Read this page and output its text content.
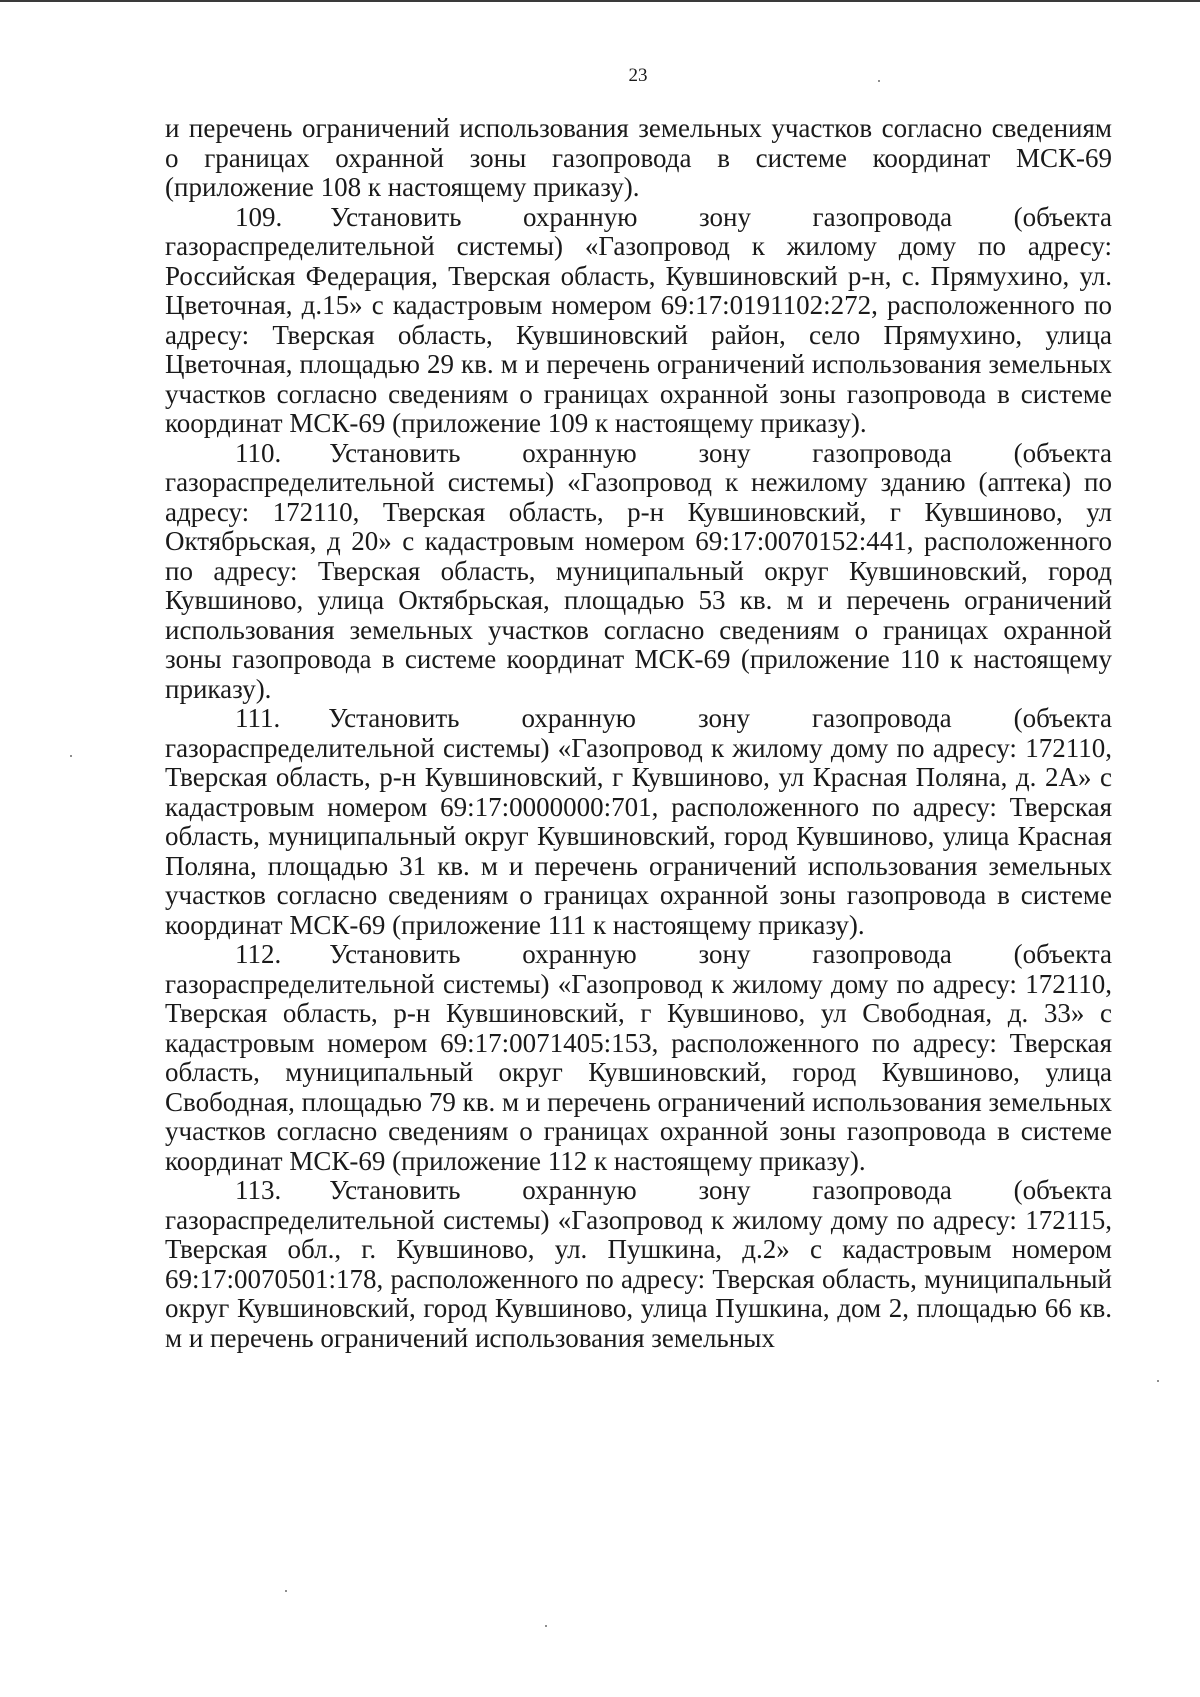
23

и перечень ограничений использования земельных участков согласно сведениям о границах охранной зоны газопровода в системе координат МСК-69 (приложение 108 к настоящему приказу).

109. Установить охранную зону газопровода (объекта газораспределительной системы) «Газопровод к жилому дому по адресу: Российская Федерация, Тверская область, Кувшиновский р-н, с. Прямухино, ул. Цветочная, д.15» с кадастровым номером 69:17:0191102:272, расположенного по адресу: Тверская область, Кувшиновский район, село Прямухино, улица Цветочная, площадью 29 кв. м и перечень ограничений использования земельных участков согласно сведениям о границах охранной зоны газопровода в системе координат МСК-69 (приложение 109 к настоящему приказу).

110. Установить охранную зону газопровода (объекта газораспределительной системы) «Газопровод к нежилому зданию (аптека) по адресу: 172110, Тверская область, р-н Кувшиновский, г Кувшиново, ул Октябрьская, д 20» с кадастровым номером 69:17:0070152:441, расположенного по адресу: Тверская область, муниципальный округ Кувшиновский, город Кувшиново, улица Октябрьская, площадью 53 кв. м и перечень ограничений использования земельных участков согласно сведениям о границах охранной зоны газопровода в системе координат МСК-69 (приложение 110 к настоящему приказу).

111. Установить охранную зону газопровода (объекта газораспределительной системы) «Газопровод к жилому дому по адресу: 172110, Тверская область, р-н Кувшиновский, г Кувшиново, ул Красная Поляна, д. 2А» с кадастровым номером 69:17:0000000:701, расположенного по адресу: Тверская область, муниципальный округ Кувшиновский, город Кувшиново, улица Красная Поляна, площадью 31 кв. м и перечень ограничений использования земельных участков согласно сведениям о границах охранной зоны газопровода в системе координат МСК-69 (приложение 111 к настоящему приказу).

112. Установить охранную зону газопровода (объекта газораспределительной системы) «Газопровод к жилому дому по адресу: 172110, Тверская область, р-н Кувшиновский, г Кувшиново, ул Свободная, д. 33» с кадастровым номером 69:17:0071405:153, расположенного по адресу: Тверская область, муниципальный округ Кувшиновский, город Кувшиново, улица Свободная, площадью 79 кв. м и перечень ограничений использования земельных участков согласно сведениям о границах охранной зоны газопровода в системе координат МСК-69 (приложение 112 к настоящему приказу).

113. Установить охранную зону газопровода (объекта газораспределительной системы) «Газопровод к жилому дому по адресу: 172115, Тверская обл., г. Кувшиново, ул. Пушкина, д.2» с кадастровым номером 69:17:0070501:178, расположенного по адресу: Тверская область, муниципальный округ Кувшиновский, город Кувшиново, улица Пушкина, дом 2, площадью 66 кв. м и перечень ограничений использования земельных
